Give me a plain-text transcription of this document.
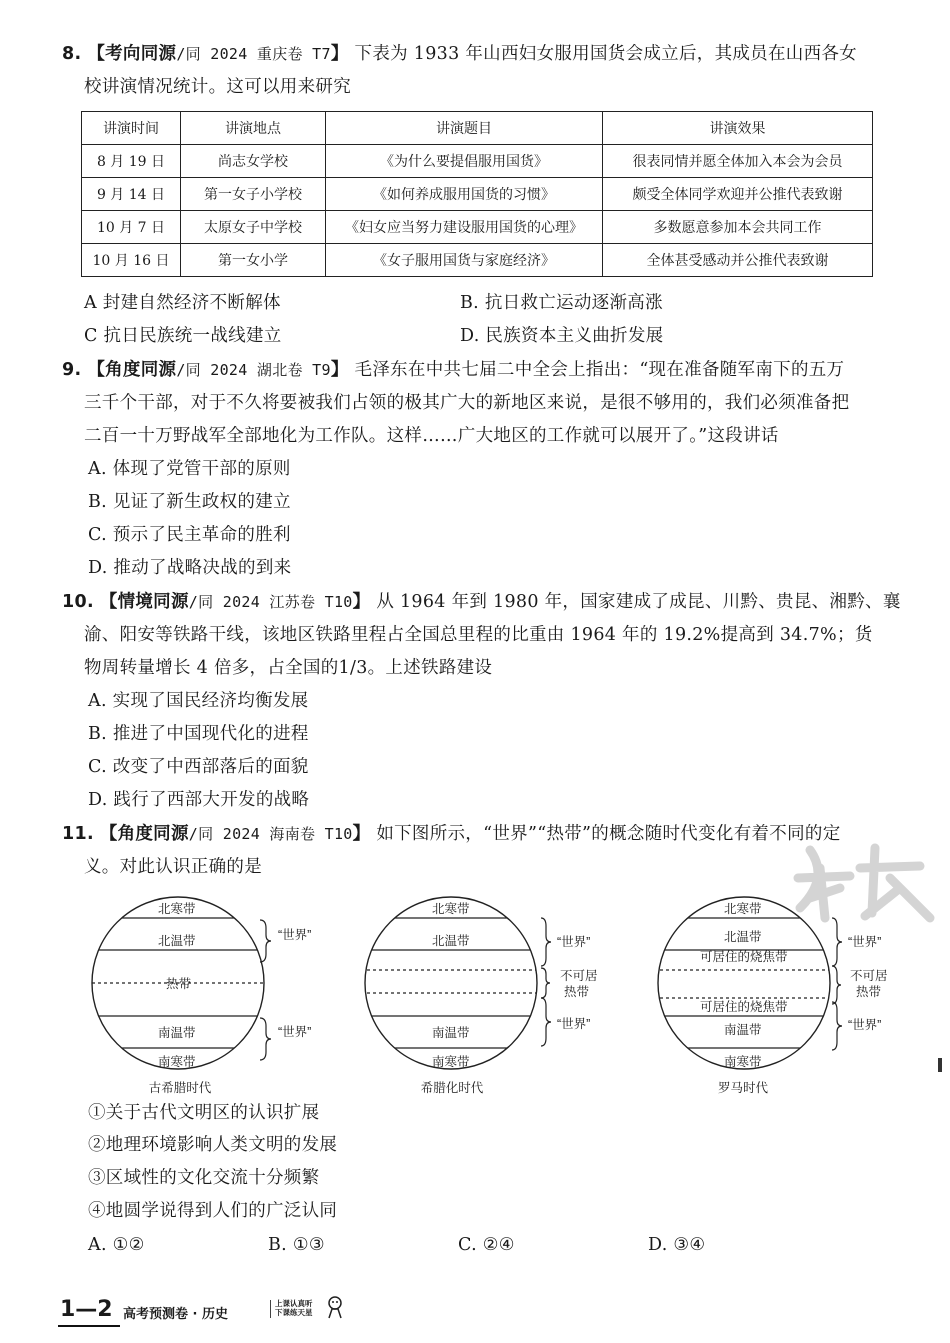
8. 【考向同源/同 2024 重庆卷 T7】 下表为 1933 年山西妇女服用国货会成立后，其成员在山西各女
校讲演情况统计。这可以用来研究
讲演时间	讲演地点	讲演题目	讲演效果
8 月 19 日	尚志女学校	《为什么要提倡服用国货》	很表同情并愿全体加入本会为会员
9 月 14 日	第一女子小学校	《如何养成服用国货的习惯》	颇受全体同学欢迎并公推代表致谢
10 月 7 日	太原女子中学校	《妇女应当努力建设服用国货的心理》	多数愿意参加本会共同工作
10 月 16 日	第一女小学	《女子服用国货与家庭经济》	全体甚受感动并公推代表致谢
A 封建自然经济不断解体	B. 抗日救亡运动逐渐高涨
C 抗日民族统一战线建立	D. 民族资本主义曲折发展
9. 【角度同源/同 2024 湖北卷 T9】 毛泽东在中共七届二中全会上指出：“现在准备随军南下的五万
三千个干部，对于不久将要被我们占领的极其广大的新地区来说，是很不够用的，我们必须准备把
二百一十万野战军全部地化为工作队。这样……广大地区的工作就可以展开了。”这段讲话
A. 体现了党管干部的原则
B. 见证了新生政权的建立
C. 预示了民主革命的胜利
D. 推动了战略决战的到来
10. 【情境同源/同 2024 江苏卷 T10】 从 1964 年到 1980 年，国家建成了成昆、川黔、贵昆、湘黔、襄
渝、阳安等铁路干线，该地区铁路里程占全国总里程的比重由 1964 年的 19.2%提高到 34.7%；货
物周转量增长 4 倍多，占全国的1/3。上述铁路建设
A. 实现了国民经济均衡发展
B. 推进了中国现代化的进程
C. 改变了中西部落后的面貌
D. 践行了西部大开发的战略
11. 【角度同源/同 2024 海南卷 T10】 如下图所示，“世界”“热带”的概念随时代变化有着不同的定
义。对此认识正确的是
北寒带
北温带
热带
南温带
南寒带
“世界”
“世界”
古希腊时代
北寒带
北温带
南温带
南寒带
“世界”
不可居
热带
“世界”
希腊化时代
北寒带
北温带
可居住的烧焦带
可居住的烧焦带
南温带
南寒带
“世界”
不可居
热带
“世界”
罗马时代
①关于古代文明区的认识扩展
②地理环境影响人类文明的发展
③区域性的文化交流十分频繁
④地圆学说得到人们的广泛认同
A. ①②	B. ①③	C. ②④	D. ③④
1—2 高考预测卷 · 历史
上课认真听
下课练天星
